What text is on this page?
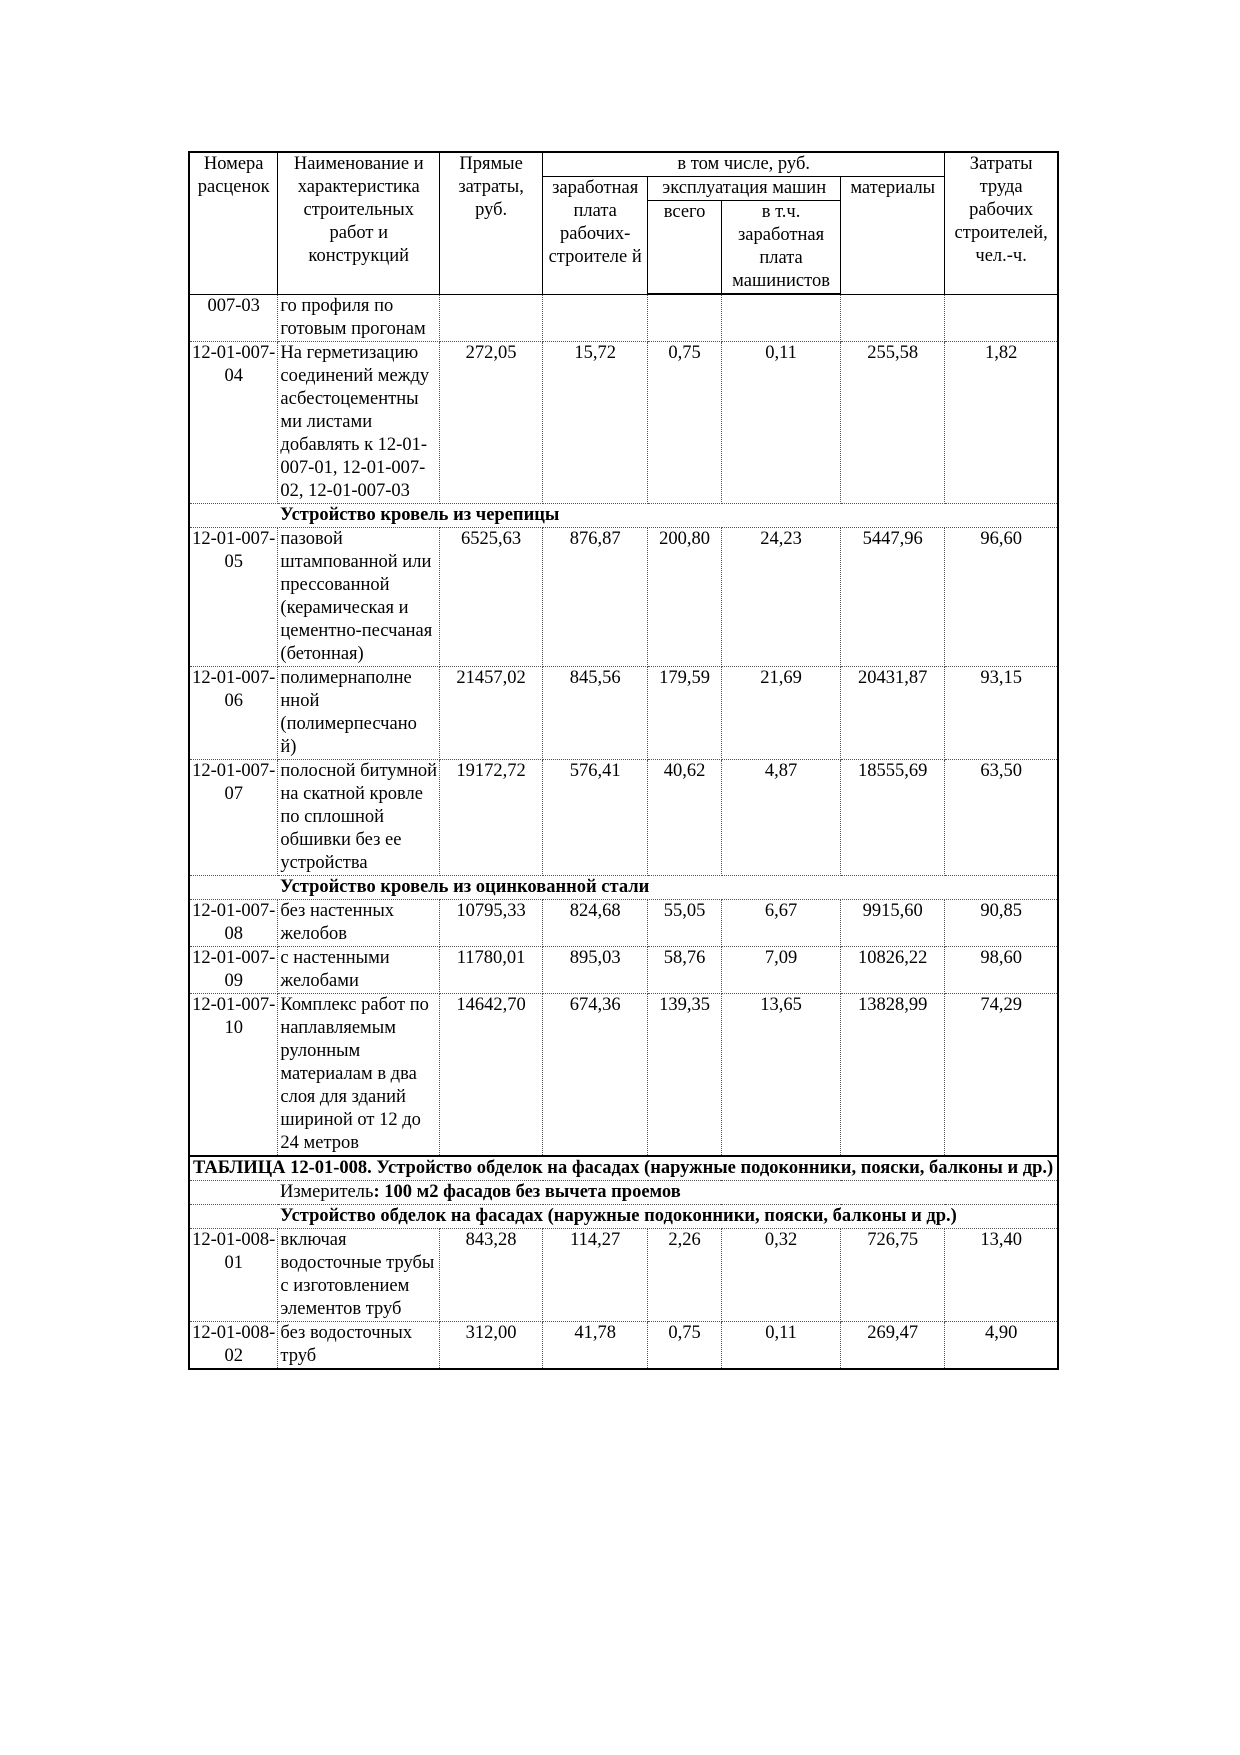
Номера расценок	Наименование и характеристика строительных работ и конструкций	Прямые затраты, руб.	в том числе, руб.				Затраты труда рабочих строителей, чел.-ч.
			заработная плата рабочих-строителе й	эксплуатация машин		материалы	
				всего	в т.ч. заработная плата машинистов		
007-03	го профиля по готовым прогонам						
12-01-007-04	На герметизацию соединений между асбестоцементны ми листами добавлять к 12-01-007-01, 12-01-007-02, 12-01-007-03	272,05	15,72	0,75	0,11	255,58	1,82
Устройство кровель из черепицы							
12-01-007-05	пазовой штампованной или прессованной (керамическая и цементно-песчаная (бетонная)	6525,63	876,87	200,80	24,23	5447,96	96,60
12-01-007-06	полимернаполне нной (полимерпесчано й)	21457,02	845,56	179,59	21,69	20431,87	93,15
12-01-007-07	полосной битумной на скатной кровле по сплошной обшивки без ее устройства	19172,72	576,41	40,62	4,87	18555,69	63,50
Устройство кровель из оцинкованной стали							
12-01-007-08	без настенных желобов	10795,33	824,68	55,05	6,67	9915,60	90,85
12-01-007-09	с настенными желобами	11780,01	895,03	58,76	7,09	10826,22	98,60
12-01-007-10	Комплекс работ по наплавляемым рулонным материалам в два слоя для зданий шириной от 12 до 24 метров	14642,70	674,36	139,35	13,65	13828,99	74,29
ТАБЛИЦА 12-01-008. Устройство обделок на фасадах (наружные подоконники, пояски, балконы и др.)							
Измеритель: 100 м2 фасадов без вычета проемов							
Устройство обделок на фасадах (наружные подоконники, пояски, балконы и др.)							
12-01-008-01	включая водосточные трубы с изготовлением элементов труб	843,28	114,27	2,26	0,32	726,75	13,40
12-01-008-02	без водосточных труб	312,00	41,78	0,75	0,11	269,47	4,90
